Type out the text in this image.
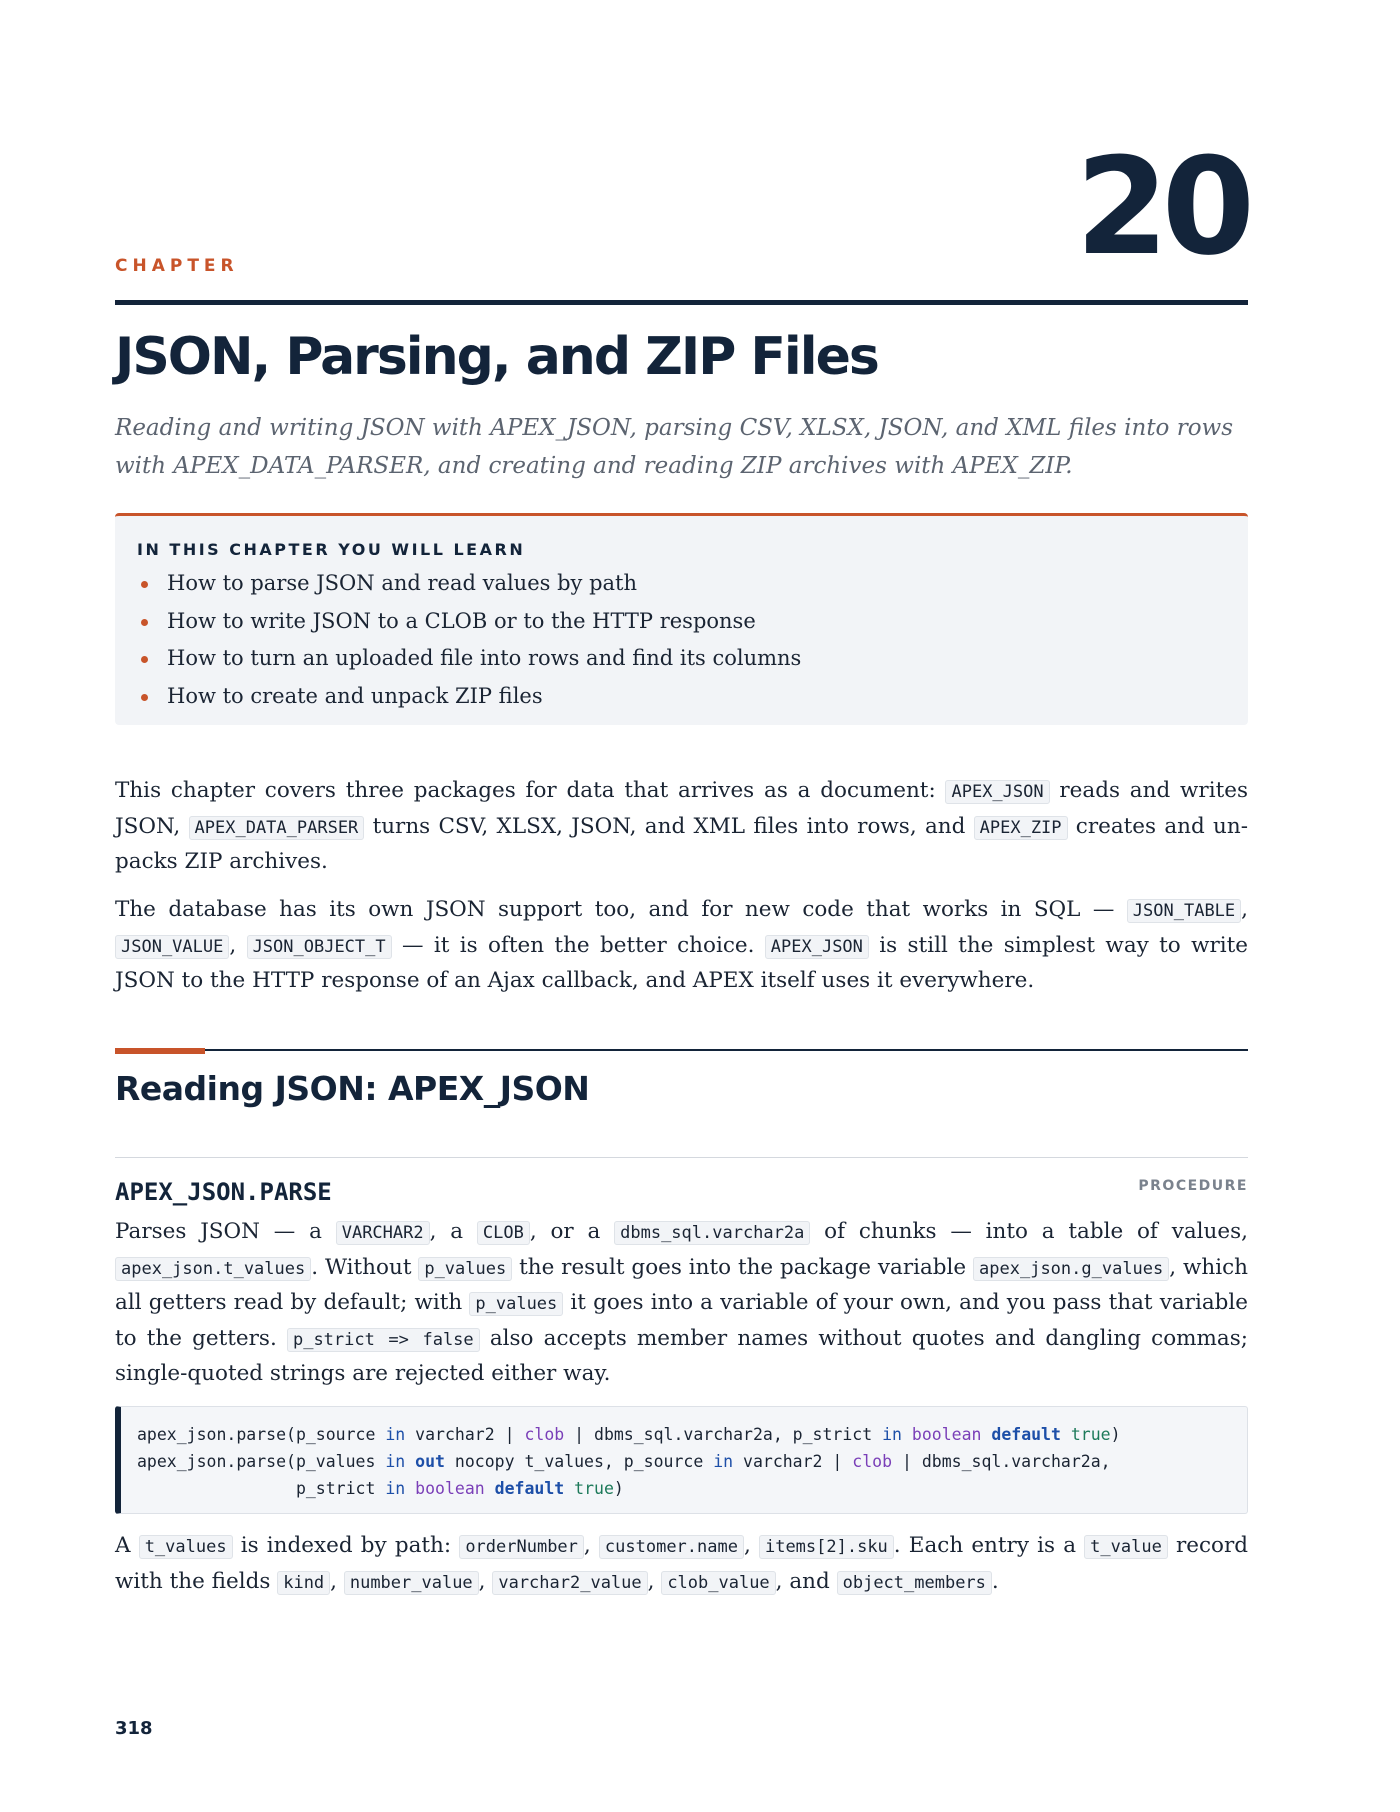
CHAPTER	20
JSON, Parsing, and ZIP Files

Reading and writing JSON with APEX_JSON, parsing CSV, XLSX, JSON, and XML files into rows with APEX_DATA_PARSER, and creating and reading ZIP archives with APEX_ZIP.

IN THIS CHAPTER YOU WILL LEARN
How to parse JSON and read values by path
How to write JSON to a CLOB or to the HTTP response
How to turn an uploaded file into rows and find its columns
How to create and unpack ZIP files

This chapter covers three packages for data that arrives as a document: APEX_JSON reads and writes JSON, APEX_DATA_PARSER turns CSV, XLSX, JSON, and XML files into rows, and APEX_ZIP creates and unpacks ZIP archives.

The database has its own JSON support too, and for new code that works in SQL — JSON_TABLE , JSON_VALUE , JSON_OBJECT_T — it is often the better choice. APEX_JSON is still the simplest way to write JSON to the HTTP response of an Ajax callback, and APEX itself uses it everywhere.

Reading JSON: APEX_JSON
APEX_JSON.PARSE	PROCEDURE

Parses JSON — a VARCHAR2 , a CLOB , or a dbms_sql.varchar2a of chunks — into a table of values, apex_json.t_values . Without p_values the result goes into the package variable apex_json.g_values , which all getters read by default; with p_values it goes into a variable of your own, and you pass that variable to the getters. p_strict => false also accepts member names without quotes and dangling commas; single-quoted strings are rejected either way.

apex_json.parse(p_source in varchar2 | clob | dbms_sql.varchar2a, p_strict in boolean default true)
apex_json.parse(p_values in out nocopy t_values, p_source in varchar2 | clob | dbms_sql.varchar2a,
p_strict in boolean default true)

A t_values is indexed by path: orderNumber , customer.name , items[2].sku . Each entry is a t_value record with the fields kind , number_value , varchar2_value , clob_value , and object_members .

318
